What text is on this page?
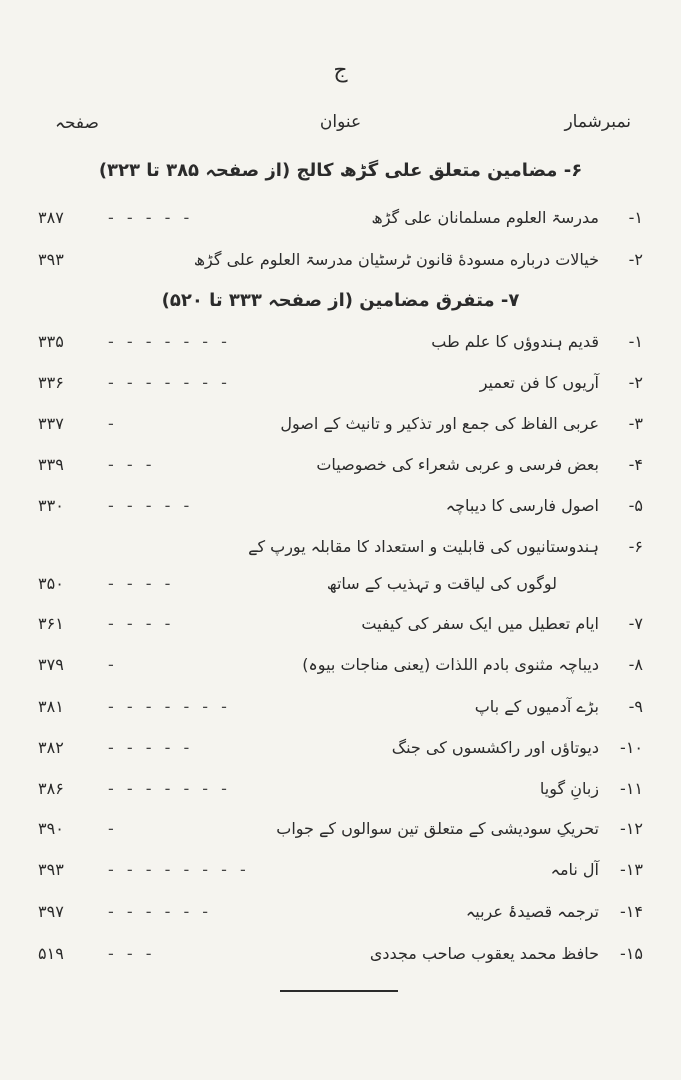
ج
نمبرشمار
عنوان
صفحہ
۶- مضامین متعلق علی گڑھ کالج (از صفحہ ۳۸۵ تا ۳۲۳)
۱-
مدرسۃ العلوم مسلمانان علی گڑھ
- - - - -
۳۸۷
۲-
خیالات درباره مسودهٔ قانون ٹرسٹیان مدرسۃ العلوم علی گڑھ
۳۹۳
۷- متفرق مضامین (از صفحہ ۳۳۳ تا ۵۲۰)
۱-
قدیم ہندوؤں کا علم طب
- - - - - - -
۳۳۵
۲-
آریوں کا فن تعمیر
- - - - - - -
۳۳۶
۳-
عربی الفاظ کی جمع اور تذکیر و تانیث کے اصول
-
۳۳۷
۴-
بعض فرسی و عربی شعراء کی خصوصیات
- - -
۳۳۹
۵-
اصول فارسی کا دیباچہ
- - - - -
۳۳۰
۶-
ہندوستانیوں کی قابلیت و استعداد کا مقابلہ یورپ کے
لوگوں کی لیاقت و تہذیب کے ساتھ
- - - -
۳۵۰
۷-
ایام تعطیل میں ایک سفر کی کیفیت
- - - -
۳۶۱
۸-
دیباچہ مثنوی بادم اللذات (یعنی مناجات بیوہ)
-
۳۷۹
۹-
بڑے آدمیوں کے باپ
- - - - - - -
۳۸۱
۱۰-
دیوتاؤں اور راکشسوں کی جنگ
- - - - -
۳۸۲
۱۱-
زبانِ گویا
- - - - - - -
۳۸۶
۱۲-
تحریکِ سودیشی کے متعلق تین سوالوں کے جواب
-
۳۹۰
۱۳-
آل نامہ
- - - - - - - -
۳۹۳
۱۴-
ترجمہ قصیدۂ عربیہ
- - - - - -
۳۹۷
۱۵-
حافظ محمد یعقوب صاحب مجددی
- - -
۵۱۹
